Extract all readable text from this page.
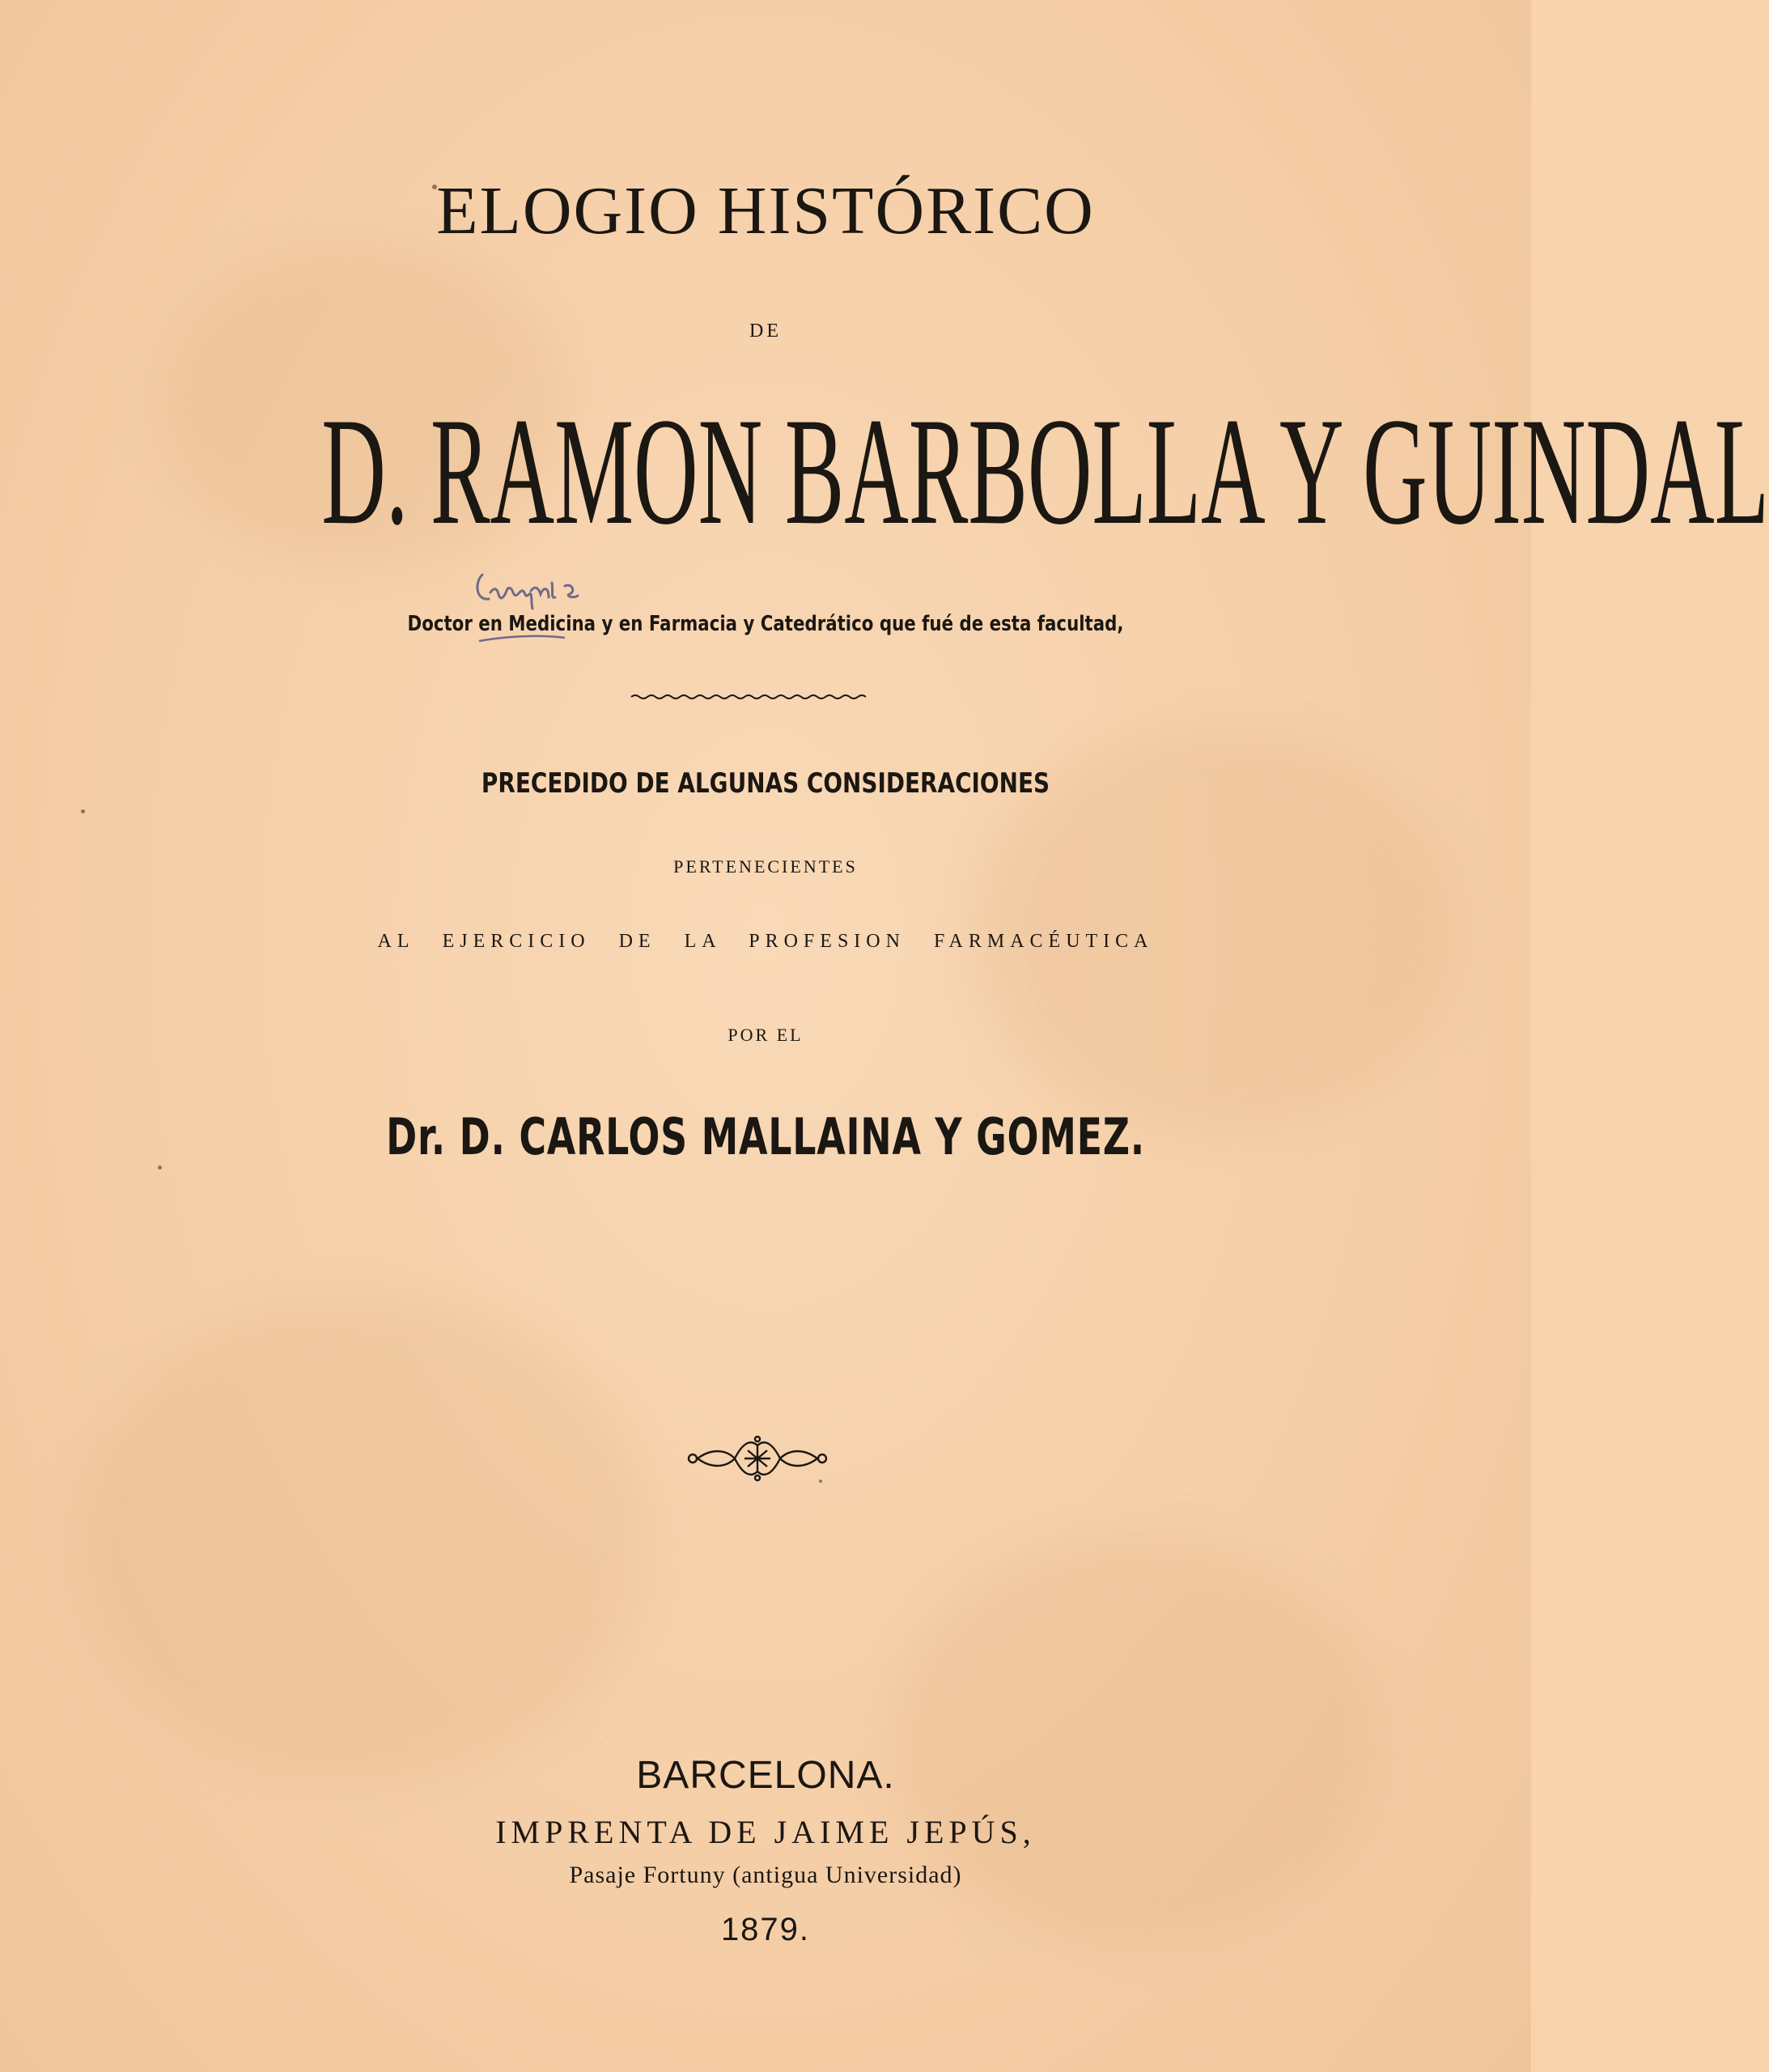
ELOGIO HISTÓRICO
DE
D. RAMON BARBOLLA Y GUINDAL
Doctor en Medicina y en Farmacia y Catedrático que fué de esta facultad,
PRECEDIDO DE ALGUNAS CONSIDERACIONES
PERTENECIENTES
AL EJERCICIO DE LA PROFESION FARMACÉUTICA
POR EL
Dr. D. CARLOS MALLAINA Y GOMEZ.
BARCELONA.
IMPRENTA DE JAIME JEPÚS,
Pasaje Fortuny (antigua Universidad)
1879.
